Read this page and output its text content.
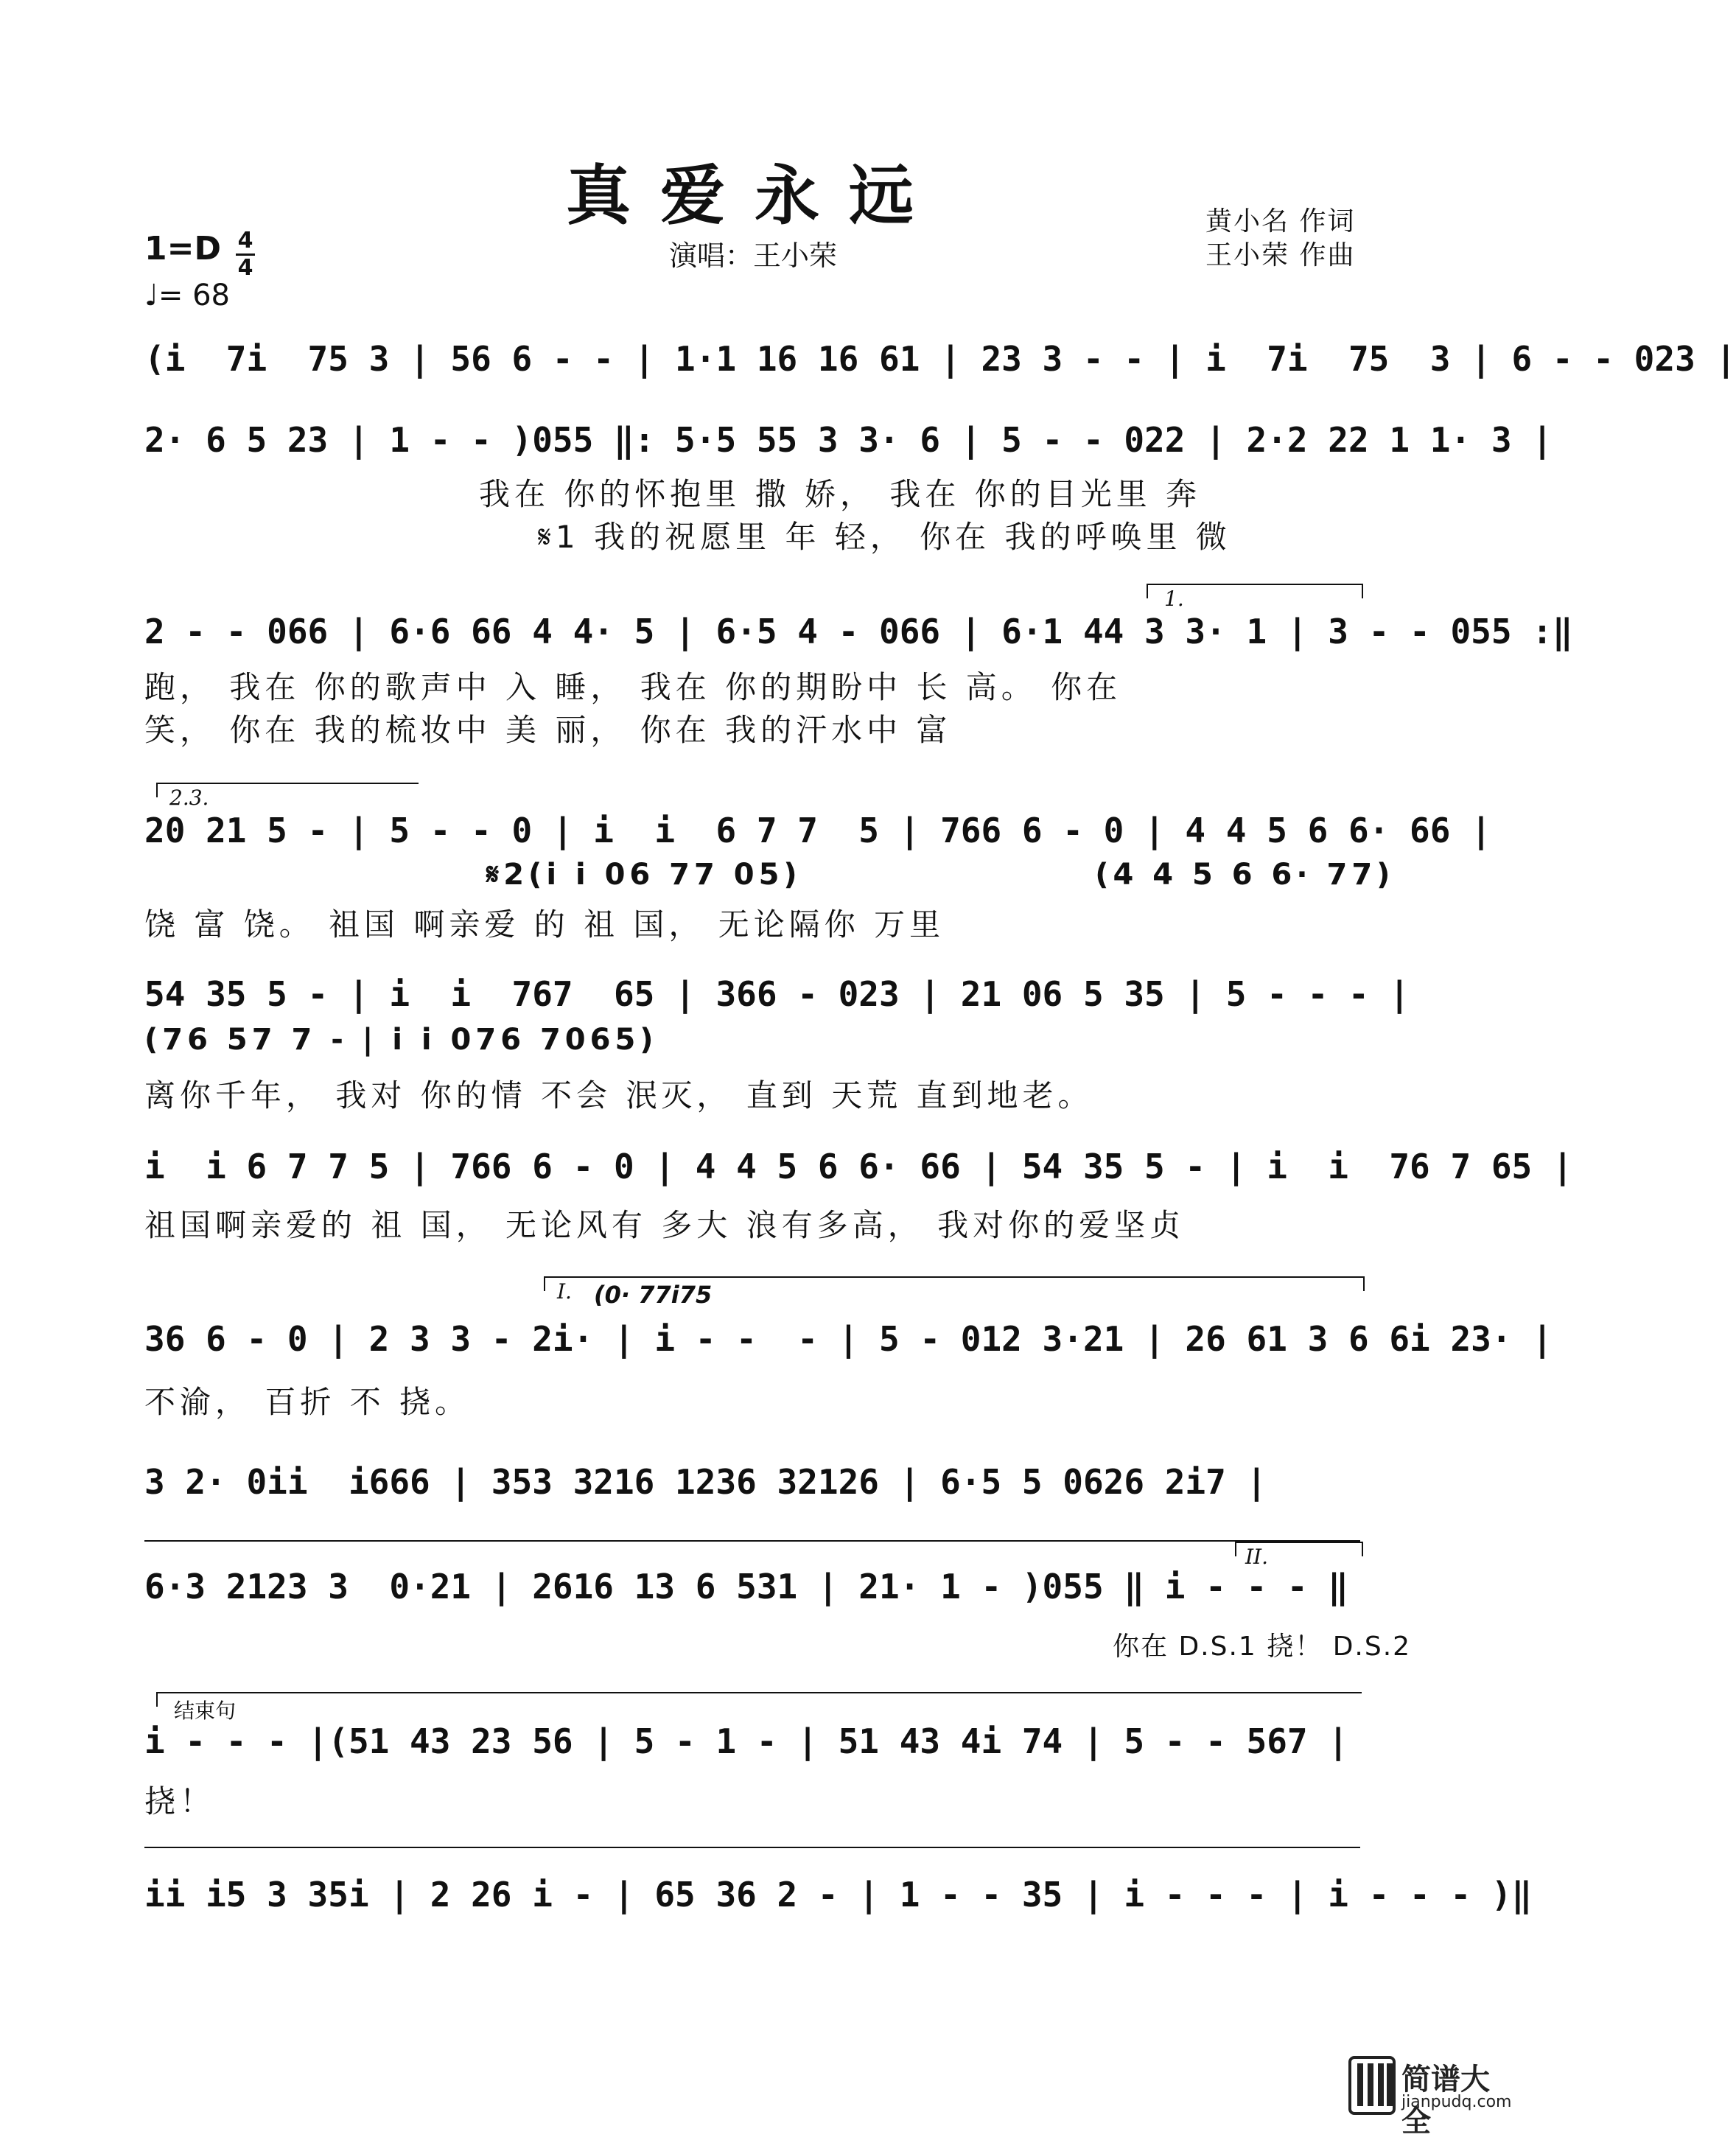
真爱永远
1=D 4
4
♩= 68
演唱：王小荣
黄小名 作词
王小荣 作曲
(i  7i  75 3 | 56 6 - - | 1·1 16 16 61 | 23 3 - - | i  7i  75  3 | 6 - - 023 |
2· 6 5 23 | 1 - - )055 ‖: 5·5 55 3 3· 6 | 5 - - 022 | 2·2 22 1 1· 3 |
我在 你的怀抱里 撒 娇， 我在 你的目光里 奔
𝄋1 我的祝愿里 年 轻， 你在 我的呼唤里 微
1.
2 - - 066 | 6·6 66 4 4· 5 | 6·5 4 - 066 | 6·1 44 3 3· 1 | 3 - - 055 :‖
跑， 我在 你的歌声中 入 睡， 我在 你的期盼中 长 高。 你在
笑， 你在 我的梳妆中 美 丽， 你在 我的汗水中 富
2.3.
20 21 5 - | 5 - - 0 | i  i  6 7 7  5 | 766 6 - 0 | 4 4 5 6 6· 66 |
𝄋2(i i 06 77 05)                    (4 4 5 6 6· 77)
饶 富 饶。 祖国 啊亲爱 的 祖 国， 无论隔你 万里
54 35 5 - | i  i  767  65 | 366 - 023 | 21 06 5 35 | 5 - - - |
(76 57 7 - | i i 076 7065)
离你千年， 我对 你的情 不会 泯灭， 直到 天荒 直到地老。
i  i 6 7 7 5 | 766 6 - 0 | 4 4 5 6 6· 66 | 54 35 5 - | i  i  76 7 65 |
祖国啊亲爱的 祖 国， 无论风有 多大 浪有多高， 我对你的爱坚贞
I. (0· 77i75
36 6 - 0 | 2 3 3 - 2i· | i - -  - | 5 - 012 3·21 | 26 61 3 6 6i 23· |
不渝， 百折 不 挠。
3 2· 0ii  i666 | 353 3216 1236 32126 | 6·5 5 0626 2i7 |
II.
6·3 2123 3  0·21 | 2616 13 6 531 | 21· 1 - )055 ‖ i - - - ‖
你在 D.S.1 挠！ D.S.2
结束句
i - - - |(51 43 23 56 | 5 - 1 - | 51 43 4i 74 | 5 - - 567 |
挠！
ii i5 3 35i | 2 26 i - | 65 36 2 - | 1 - - 35 | i - - - | i - - - )‖
简谱大全
jianpudq.com
